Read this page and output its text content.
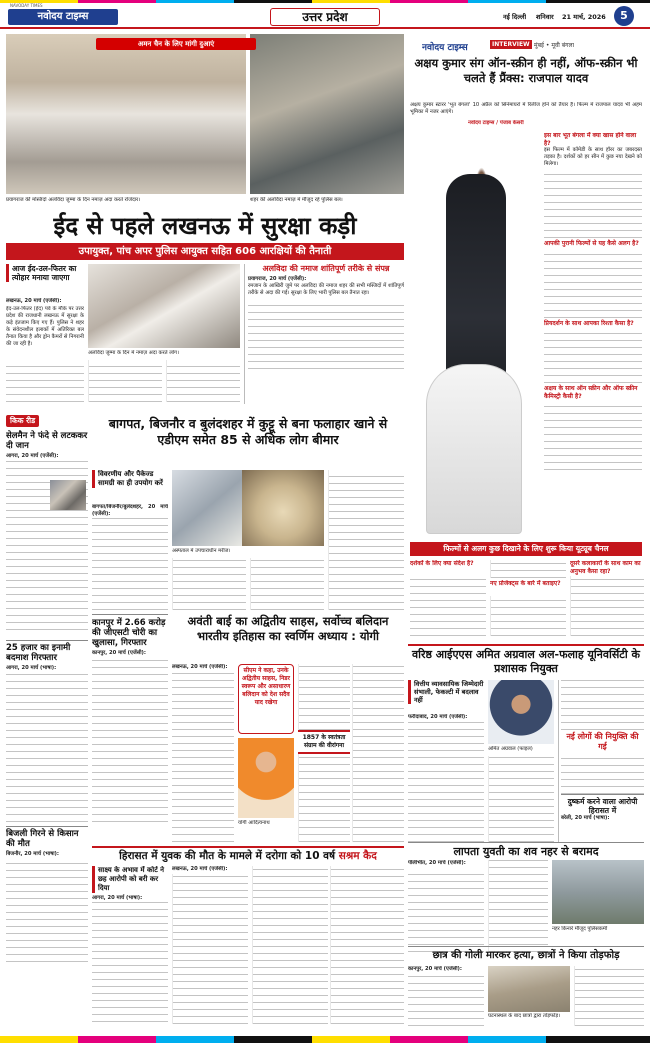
NAVODAY TIMES
नवोदय टाइम्स	उत्तर प्रदेश	नई दिल्ली शनिवार 21 मार्च, 2026	5
अमन चैन के लिए मांगी दुआएं
प्रयागराज की मस्जिदों अलविदा जुम्मा के दिन नमाज़ अदा करते रोजेदार।	शहर की अलविदा नमाज़ में मौजूद रहे पुलिस बल।
ईद से पहले लखनऊ में सुरक्षा कड़ी
उपायुक्त, पांच अपर पुलिस आयुक्त सहित 606 आरक्षियों की तैनाती
आज ईद-उल-फितर का त्योहार मनाया जाएगा
लखनऊ, 20 मार्च (एजेंसी):
ईद-उल-फितर (ईद) पर्व के मौके पर उत्तर प्रदेश की राजधानी लखनऊ में सुरक्षा के कड़े इंतजाम किए गए हैं। पुलिस ने शहर के संवेदनशील इलाकों में अतिरिक्त बल तैनात किया है और ड्रोन कैमरों से निगरानी की जा रही है।
अलविदा जुम्मा के दिन में नमाज़ अदा करते लोग।
अलविदा की नमाज शांतिपूर्ण तरीके से संपन्न
प्रयागराज, 20 मार्च (एजेंसी):
रमजान के आखिरी जुमे पर अलविदा की नमाज शहर की सभी मस्जिदों में शांतिपूर्ण तरीके से अदा की गई। सुरक्षा के लिए भारी पुलिस बल तैनात रहा।
किक रीड
सेलमैन ने फंदे से लटककर दी जान
आगरा, 20 मार्च (एजेंसी):
25 हजार का इनामी बदमाश गिरफ्तार
आगरा, 20 मार्च (भाषा):
बिजली गिरने से किसान की मौत
बिजनौर, 20 मार्च (भाषा):
बागपत, बिजनौर व बुलंदशहर में कुट्टू से बना फलाहार खाने से एडीएम समेत 85 से अधिक लोग बीमार
विवरणीय और पैकेज्ड सामग्री का ही उपयोग करें
बागपत/बिजनौर/बुलंदशहर, 20 मार्च (एजेंसी):
अस्पताल में उपचाराधीन मरीज।
कानपुर में 2.66 करोड़ की जीएसटी चोरी का खुलासा, गिरफ्तार
कानपुर, 20 मार्च (एजेंसी):
अवंती बाई का अद्वितीय साहस, सर्वोच्च बलिदान भारतीय इतिहास का स्वर्णिम अध्याय : योगी
लखनऊ, 20 मार्च (एजेंसी):	सीएम ने कहा, उनके अद्वितीय साहस, निडर स्वरूप और असाधारण बलिदान को देश सदैव याद रखेगा
योगी आदित्यनाथ
1857 के स्वतंत्रता संग्राम की वीरांगना
नवोदय टाइम्स	INTERVIEW मुंबई • मूवी बंगला
अक्षय कुमार संग ऑन-स्क्रीन ही नहीं, ऑफ-स्क्रीन भी चलते हैं प्रैंक्स: राजपाल यादव
अक्षय कुमार स्टारर 'भूत बंगला' 10 अप्रैल को सिनेमाघरों में रिलीज होने को तैयार है। फिल्म में राजपाल यादव भी अहम भूमिका में नजर आएंगे।
नवोदय टाइम्स / पंजाब केसरी
इस बार भूत बंगला में क्या खास होने वाला है?
इस फिल्म में कॉमेडी के साथ हॉरर का जबरदस्त तड़का है। दर्शकों को हर सीन में कुछ नया देखने को मिलेगा।
आपकी पुरानी फिल्मों से यह कैसे अलग है?
प्रियदर्शन के साथ आपका रिश्ता कैसा है?
अक्षय के साथ ऑन स्क्रीन और ऑफ स्क्रीन कैमिस्ट्री कैसी है?
फिल्मों से अलग कुछ दिखाने के लिए शुरू किया यूट्यूब चैनल
दर्शकों के लिए क्या संदेश है?
नए प्रोजेक्ट्स के बारे में बताइए?
दूसरे कलाकारों के साथ काम का अनुभव कैसा रहा?
वरिष्ठ आईएएस अमित अग्रवाल अल-फलाह यूनिवर्सिटी के प्रशासक नियुक्त
वित्तीय व्यावसायिक जिम्मेदारी संभाली, फेकल्टी में बदलाव नहीं
फरीदाबाद, 20 मार्च (एजेंसी):
अमित अग्रवाल (फाइल)
नई लोगों की नियुक्ति की गई
दुष्कर्म करने वाला आरोपी हिरासत में
बरेली, 20 मार्च (भाषा):
लापता युवती का शव नहर से बरामद
पीलीभीत, 20 मार्च (एजेंसी):
नहर किनारे मौजूद पुलिसकर्मी
हिरासत में युवक की मौत के मामले में दरोगा को 10 वर्ष सश्रम कैद
साक्ष्य के अभाव में कोर्ट ने छह आरोपी को बरी कर दिया
आगरा, 20 मार्च (भाषा):
लखनऊ, 20 मार्च (एजेंसी):
छात्र की गोली मारकर हत्या, छात्रों ने किया तोड़फोड़
कानपुर, 20 मार्च (एजेंसी):
घटनास्थल के बाद छात्रों द्वारा तोड़फोड़।
